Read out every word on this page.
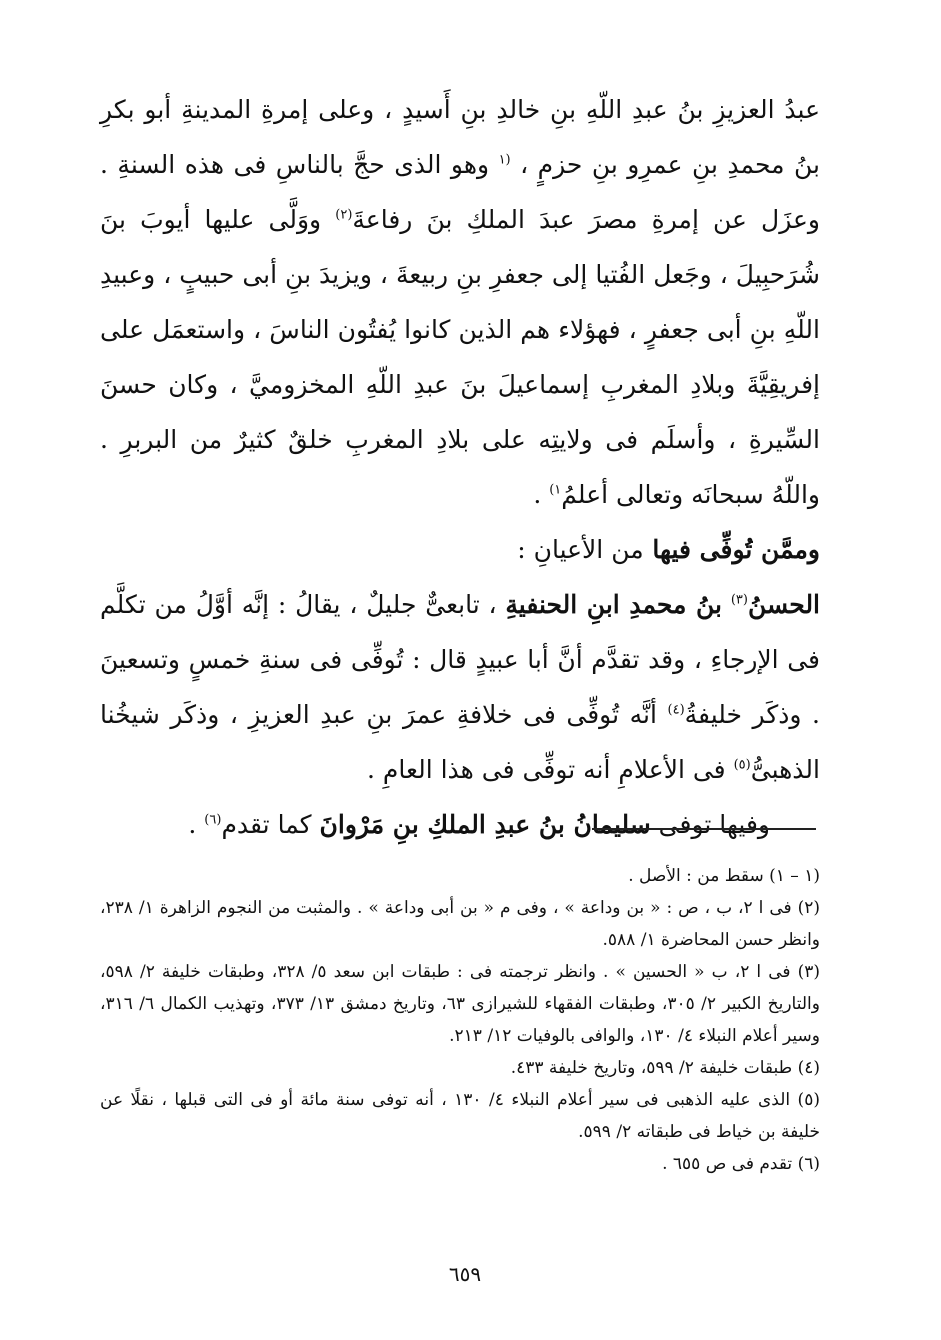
عبدُ العزيزِ بنُ عبدِ اللّهِ بنِ خالدِ بنِ أَسيدٍ ، وعلى إمرةِ المدينةِ أبو بكرِ بنُ محمدِ بنِ عمرِو بنِ حزمٍ ، $^{(١}$ وهو الذى حجَّ بالناسِ فى هذه السنةِ . وعزَل عن إمرةِ مصرَ عبدَ الملكِ بنَ رفاعةَ$^{(٢)}$ ووَلَّى عليها أيوبَ بنَ شُرَحبِيلَ ، وجَعل الفُتيا إلى جعفرِ بنِ ربيعةَ ، ويزيدَ بنِ أبى حبيبٍ ، وعبيدِ اللّهِ بنِ أبى جعفرٍ ، فهؤلاء هم الذين كانوا يُفتُون الناسَ ، واستعمَل على إفريقِيَّةَ وبلادِ المغربِ إسماعيلَ بنَ عبدِ اللّهِ المخزوميَّ ، وكان حسنَ السِّيرةِ ، وأسلَم فى ولايتِه على بلادِ المغربِ خلقٌ كثيرٌ من البربرِ . واللّهُ سبحانَه وتعالى أعلمُ$^{١)}$ .

وممَّن تُوفِّى فيها من الأعيانِ :

الحسنُ$^{(٣)}$ بنُ محمدِ ابنِ الحنفيةِ ، تابعىٌّ جليلٌ ، يقالُ : إنَّه أوَّلُ من تكلَّم فى الإرجاءِ ، وقد تقدَّم أنَّ أبا عبيدٍ قال : تُوفِّى فى سنةِ خمسٍ وتسعينَ . وذكَر خليفةُ$^{(٤)}$ أنَّه تُوفِّى فى خلافةِ عمرَ بنِ عبدِ العزيزِ ، وذكَر شيخُنا الذهبىُّ$^{(٥)}$ فى الأعلامِ أنه توفِّى فى هذا العامِ .

وفيها توفى سليمانُ بنُ عبدِ الملكِ بنِ مَرْوانَ كما تقدم$^{(٦)}$ .

(١ – ١) سقط من : الأصل .

(٢) فى ا ٢، ب ، ص : « بن وداعة » ، وفى م « بن أبى وداعة » . والمثبت من النجوم الزاهرة ١/ ٢٣٨، وانظر حسن المحاضرة ١/ ٥٨٨.

(٣) فى ا ٢، ب « الحسين » . وانظر ترجمته فى : طبقات ابن سعد ٥/ ٣٢٨، وطبقات خليفة ٢/ ٥٩٨، والتاريخ الكبير ٢/ ٣٠٥، وطبقات الفقهاء للشيرازى ٦٣، وتاريخ دمشق ١٣/ ٣٧٣، وتهذيب الكمال ٦/ ٣١٦، وسير أعلام النبلاء ٤/ ١٣٠، والوافى بالوفيات ١٢/ ٢١٣.

(٤) طبقات خليفة ٢/ ٥٩٩، وتاريخ خليفة ٤٣٣.

(٥) الذى عليه الذهبى فى سير أعلام النبلاء ٤/ ١٣٠ ، أنه توفى سنة مائة أو فى التى قبلها ، نقلًا عن خليفة بن خياط فى طبقاته ٢/ ٥٩٩.

(٦) تقدم فى ص ٦٥٥ .

٦٥٩
